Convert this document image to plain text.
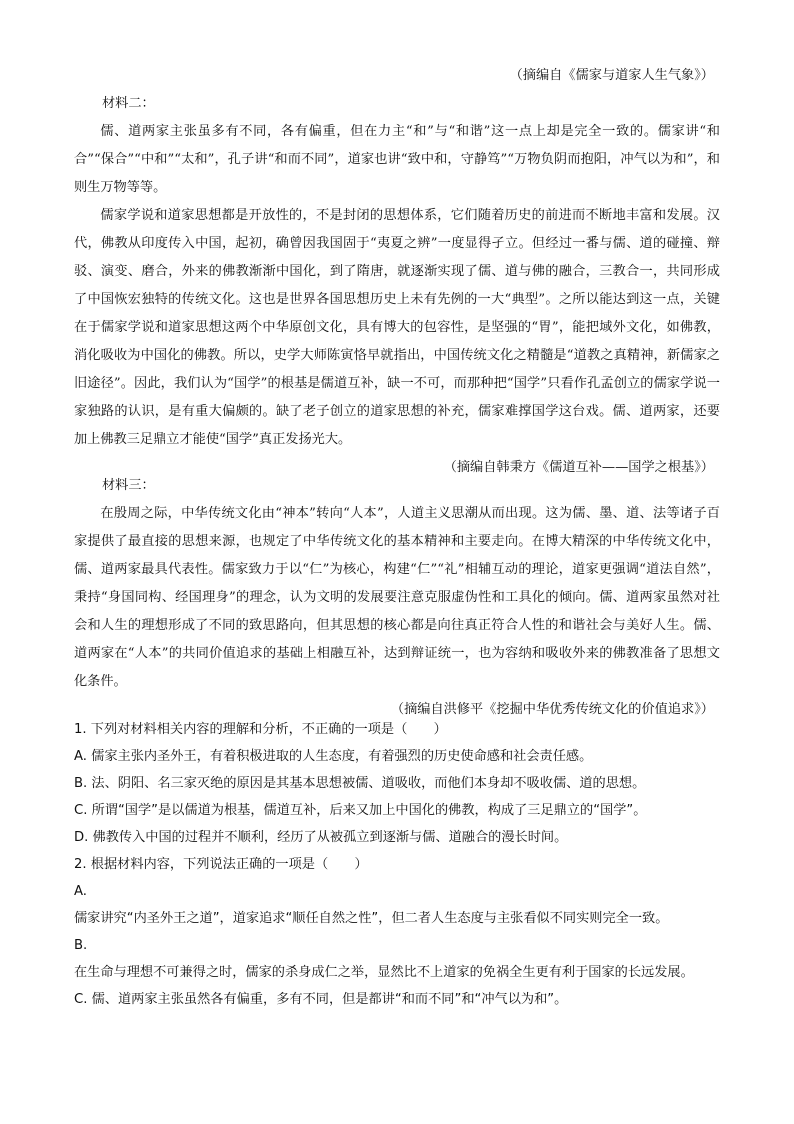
（摘编自《儒家与道家人生气象》）

材料二：

儒、道两家主张虽多有不同，各有偏重，但在力主“和”与“和谐”这一点上却是完全一致的。儒家讲“和合”“保合”“中和”“太和”，孔子讲“和而不同”，道家也讲“致中和，守静笃”“万物负阴而抱阳，冲气以为和”，和则生万物等等。

儒家学说和道家思想都是开放性的，不是封闭的思想体系，它们随着历史的前进而不断地丰富和发展。汉代，佛教从印度传入中国，起初，确曾因我国固于“夷夏之辨”一度显得孑立。但经过一番与儒、道的碰撞、辩驳、演变、磨合，外来的佛教渐渐中国化，到了隋唐，就逐渐实现了儒、道与佛的融合，三教合一，共同形成了中国恢宏独特的传统文化。这也是世界各国思想历史上未有先例的一大“典型”。之所以能达到这一点，关键在于儒家学说和道家思想这两个中华原创文化，具有博大的包容性，是坚强的“胃”，能把域外文化，如佛教，消化吸收为中国化的佛教。所以，史学大师陈寅恪早就指出，中国传统文化之精髓是“道教之真精神，新儒家之旧途径”。因此，我们认为“国学”的根基是儒道互补，缺一不可，而那种把“国学”只看作孔孟创立的儒家学说一家独路的认识，是有重大偏颇的。缺了老子创立的道家思想的补充，儒家难撑国学这台戏。儒、道两家，还要加上佛教三足鼎立才能使“国学”真正发扬光大。

（摘编自韩秉方《儒道互补——国学之根基》）

材料三：

在殷周之际，中华传统文化由“神本”转向“人本”，人道主义思潮从而出现。这为儒、墨、道、法等诸子百家提供了最直接的思想来源，也规定了中华传统文化的基本精神和主要走向。在博大精深的中华传统文化中，儒、道两家最具代表性。儒家致力于以“仁”为核心，构建“仁”“礼”相辅互动的理论，道家更强调“道法自然”，秉持“身国同构、经国理身”的理念，认为文明的发展要注意克服虚伪性和工具化的倾向。儒、道两家虽然对社会和人生的理想形成了不同的致思路向，但其思想的核心都是向往真正符合人性的和谐社会与美好人生。儒、道两家在“人本”的共同价值追求的基础上相融互补，达到辩证统一，也为容纳和吸收外来的佛教准备了思想文化条件。

（摘编自洪修平《挖掘中华优秀传统文化的价值追求》）

1. 下列对材料相关内容的理解和分析，不正确的一项是（　　）

A. 儒家主张内圣外王，有着积极进取的人生态度，有着强烈的历史使命感和社会责任感。

B. 法、阴阳、名三家灭绝的原因是其基本思想被儒、道吸收，而他们本身却不吸收儒、道的思想。

C. 所谓“国学”是以儒道为根基，儒道互补，后来又加上中国化的佛教，构成了三足鼎立的“国学”。

D. 佛教传入中国的过程并不顺利，经历了从被孤立到逐渐与儒、道融合的漫长时间。

2. 根据材料内容，下列说法正确的一项是（　　）

A.
儒家讲究“内圣外王之道”，道家追求“顺任自然之性”，但二者人生态度与主张看似不同实则完全一致。
B.
在生命与理想不可兼得之时，儒家的杀身成仁之举，显然比不上道家的免祸全生更有利于国家的长远发展。

C. 儒、道两家主张虽然各有偏重，多有不同，但是都讲“和而不同”和“冲气以为和”。
